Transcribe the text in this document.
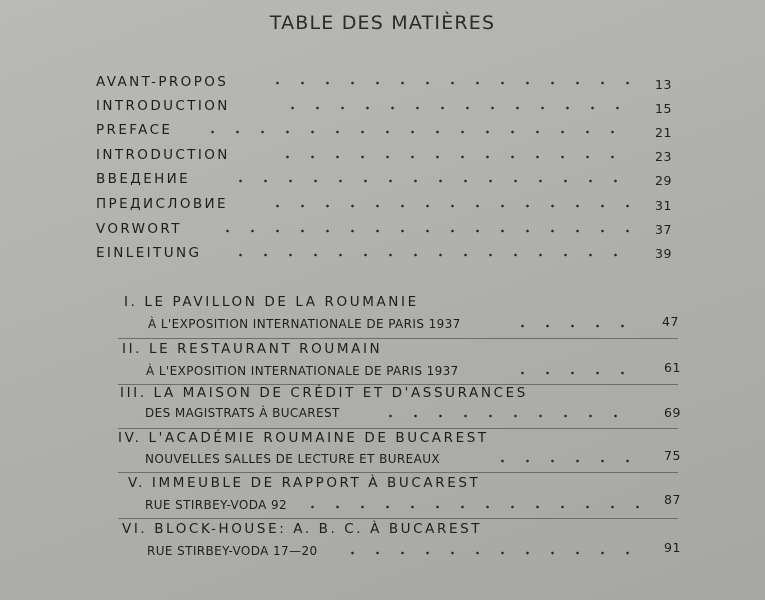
TABLE DES MATIÈRES
AVANT-PROPOS	13
INTRODUCTION	15
PREFACE	21
INTRODUCTION	23
ВВЕДЕНИЕ	29
ПРЕДИСЛОВИЕ	31
VORWORT	37
EINLEITUNG	39
I. LE PAVILLON DE LA ROUMANIE
À L'EXPOSITION INTERNATIONALE DE PARIS 1937	47
II. LE RESTAURANT ROUMAIN
À L'EXPOSITION INTERNATIONALE DE PARIS 1937	61
III. LA MAISON DE CRÉDIT ET D'ASSURANCES
DES MAGISTRATS À BUCAREST	69
IV. L'ACADÉMIE ROUMAINE DE BUCAREST
NOUVELLES SALLES DE LECTURE ET BUREAUX	75
V. IMMEUBLE DE RAPPORT À BUCAREST
RUE STIRBEY-VODA 92	87
VI. BLOCK-HOUSE: A. B. C. À BUCAREST
RUE STIRBEY-VODA 17—20	91
